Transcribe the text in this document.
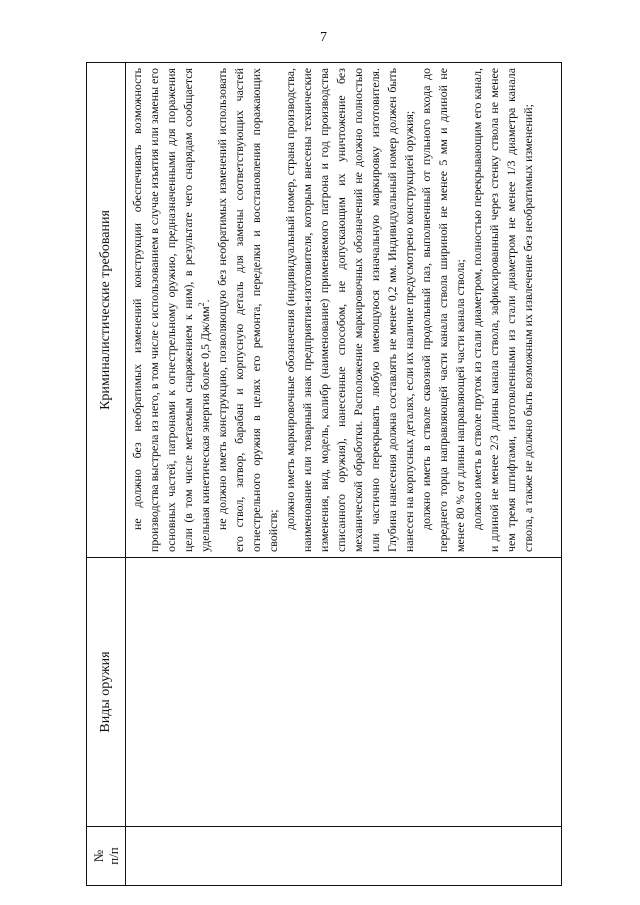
7
№
п/п	Виды оружия	Криминалистические требования

		не должно без необратимых изменений конструкции обеспечивать возможность производства выстрела из него, в том числе с использованием в случае изъятия или замены его основных частей, патронами к огнестрельному оружию, предназначенными для поражения цели (в том числе метаемым снаряжением к ним), в результате чего снарядам сообщается удельная кинетическая энергия более 0,5 $Дж/мм^2$. не должно иметь конструкцию, позволяющую без необратимых изменений использовать его ствол, затвор, барабан и корпусную деталь для замены соответствующих частей огнестрельного оружия в целях его ремонта, переделки и восстановления поражающих свойств;

должно иметь маркировочные обозначения (индивидуальный номер, страна производства, наименование или товарный знак предприятия-изготовителя, которым внесены технические изменения, вид, модель, калибр (наименование) применяемого патрона и год производства списанного оружия), нанесенные способом, не допускающим их уничтожение без механической обработки. Расположение маркировочных обозначений не должно полностью или частично перекрывать любую имеющуюся изначальную маркировку изготовителя. Глубина нанесения должна составлять не менее 0,2 мм. Индивидуальный номер должен быть нанесен на корпусных деталях, если их наличие предусмотрено конструкцией оружия; должно иметь в стволе сквозной продольный паз, выполненный от пульного входа до переднего торца направляющей части канала ствола шириной не менее 5 мм и длиной не менее 80 % от длины направляющей части канала ствола; должно иметь в стволе пруток из стали диаметром, полностью перекрывающим его канал, и длиной не менее 2/3 длины канала ствола, зафиксированный через стенку ствола не менее чем тремя штифтами, изготовленными из стали диаметром не менее 1/3 диаметра канала ствола, а также не должно быть возможным их извлечение без необратимых изменений;
